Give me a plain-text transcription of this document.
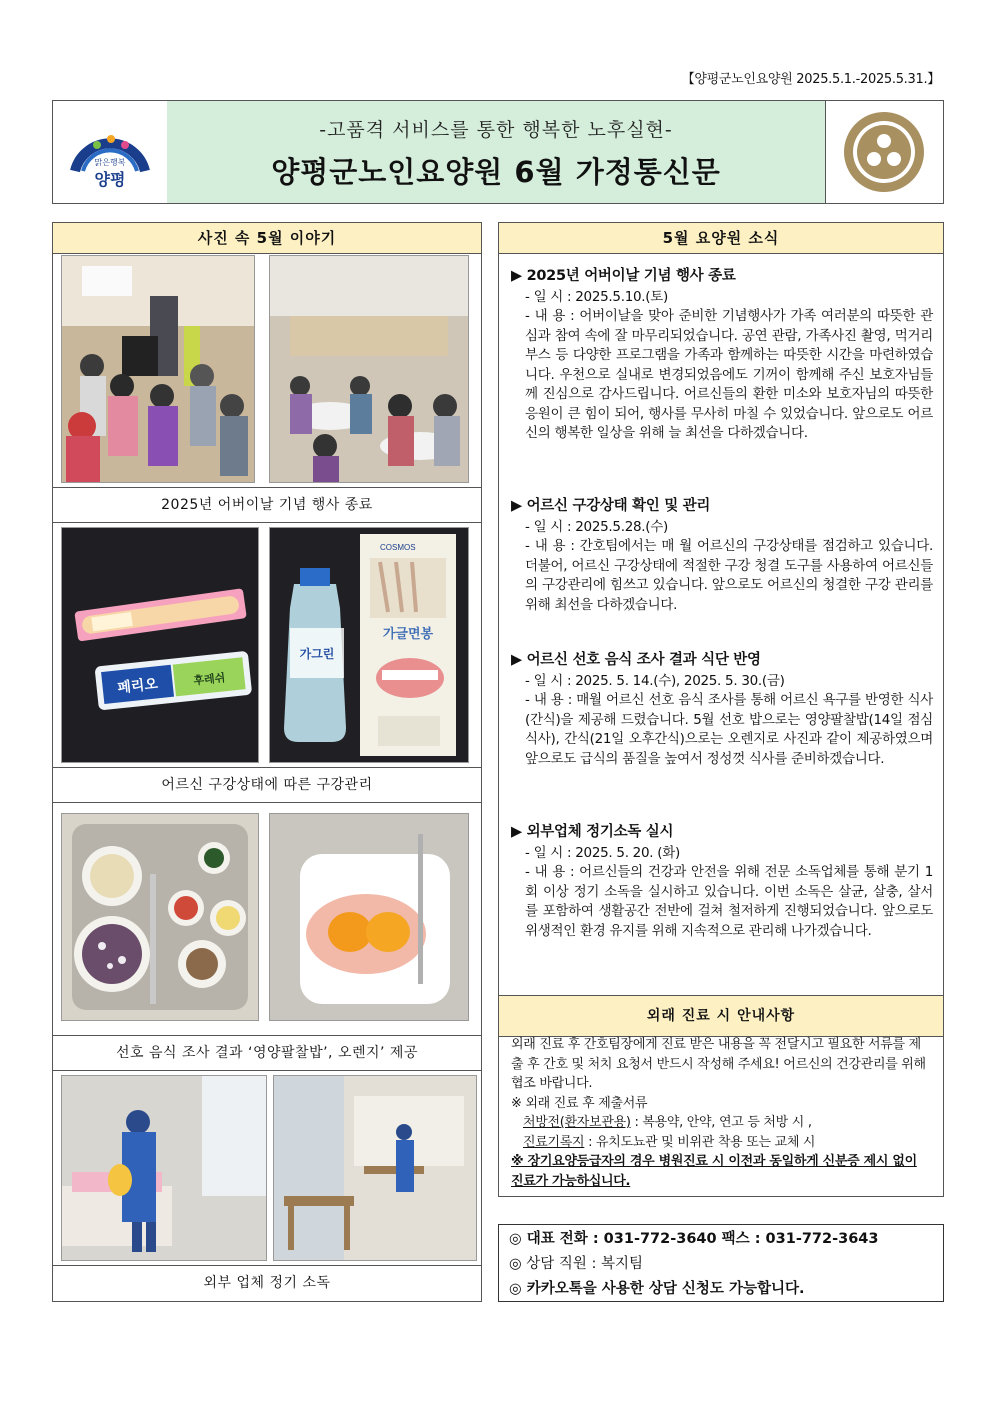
【양평군노인요양원 2025.5.1.-2025.5.31.】
맑은행복
양평
-고품격 서비스를 통한 행복한 노후실현-
양평군노인요양원 6월 가정통신문
사진 속 5월 이야기
2025년 어버이날 기념 행사 종료
페리오	후레쉬
COSMOS
가글면봉
가그린
어르신 구강상태에 따른 구강관리
선호 음식 조사 결과 ‘영양팔찰밥’, 오렌지’ 제공
외부 업체 정기 소독
5월 요양원 소식
▶ 2025년 어버이날 기념 행사 종료
- 일 시 : 2025.5.10.(토)
- 내 용 : 어버이날을 맞아 준비한 기념행사가 가족 여러분의 따뜻한 관심과 참여 속에 잘 마무리되었습니다. 공연 관람, 가족사진 촬영, 먹거리 부스 등 다양한 프로그램을 가족과 함께하는 따뜻한 시간을 마련하였습니다. 우천으로 실내로 변경되었음에도 기꺼이 함께해 주신 보호자님들께 진심으로 감사드립니다. 어르신들의 환한 미소와 보호자님의 따뜻한 응원이 큰 힘이 되어, 행사를 무사히 마칠 수 있었습니다. 앞으로도 어르신의 행복한 일상을 위해 늘 최선을 다하겠습니다.
▶ 어르신 구강상태 확인 및 관리
- 일 시 : 2025.5.28.(수)
- 내 용 : 간호팀에서는 매 월 어르신의 구강상태를 점검하고 있습니다. 더불어, 어르신 구강상태에 적절한 구강 청결 도구를 사용하여 어르신들의 구강관리에 힘쓰고 있습니다. 앞으로도 어르신의 청결한 구강 관리를 위해 최선을 다하겠습니다.
▶ 어르신 선호 음식 조사 결과 식단 반영
- 일 시 : 2025. 5. 14.(수), 2025. 5. 30.(금)
- 내 용 : 매월 어르신 선호 음식 조사를 통해 어르신 욕구를 반영한 식사(간식)을 제공해 드렸습니다. 5월 선호 밥으로는 영양팔찰밥(14일 점심식사), 간식(21일 오후간식)으로는 오렌지로 사진과 같이 제공하였으며 앞으로도 급식의 품질을 높여서 정성껏 식사를 준비하겠습니다.
▶ 외부업체 정기소독 실시
- 일 시 : 2025. 5. 20. (화)
- 내 용 : 어르신들의 건강과 안전을 위해 전문 소독업체를 통해 분기 1회 이상 정기 소독을 실시하고 있습니다. 이번 소독은 살균, 살충, 살서를 포함하여 생활공간 전반에 걸쳐 철저하게 진행되었습니다. 앞으로도 위생적인 환경 유지를 위해 지속적으로 관리해 나가겠습니다.
외래 진료 시 안내사항
외래 진료 후 간호팀장에게 진료 받은 내용을 꼭 전달시고 필요한 서류를 제출 후 간호 및 처치 요청서 반드시 작성해 주세요! 어르신의 건강관리를 위해 협조 바랍니다.
※ 외래 진료 후 제출서류
처방전(환자보관용) : 복용약, 안약, 연고 등 처방 시 ,
진료기록지 : 유치도뇨관 및 비위관 착용 또는 교체 시
※ 장기요양등급자의 경우 병원진료 시 이전과 동일하게 신분증 제시 없이 진료가 가능하십니다.
◎ 대표 전화 : 031-772-3640 팩스 : 031-772-3643
◎ 상담 직원 : 복지팀
◎ 카카오톡을 사용한 상담 신청도 가능합니다.
